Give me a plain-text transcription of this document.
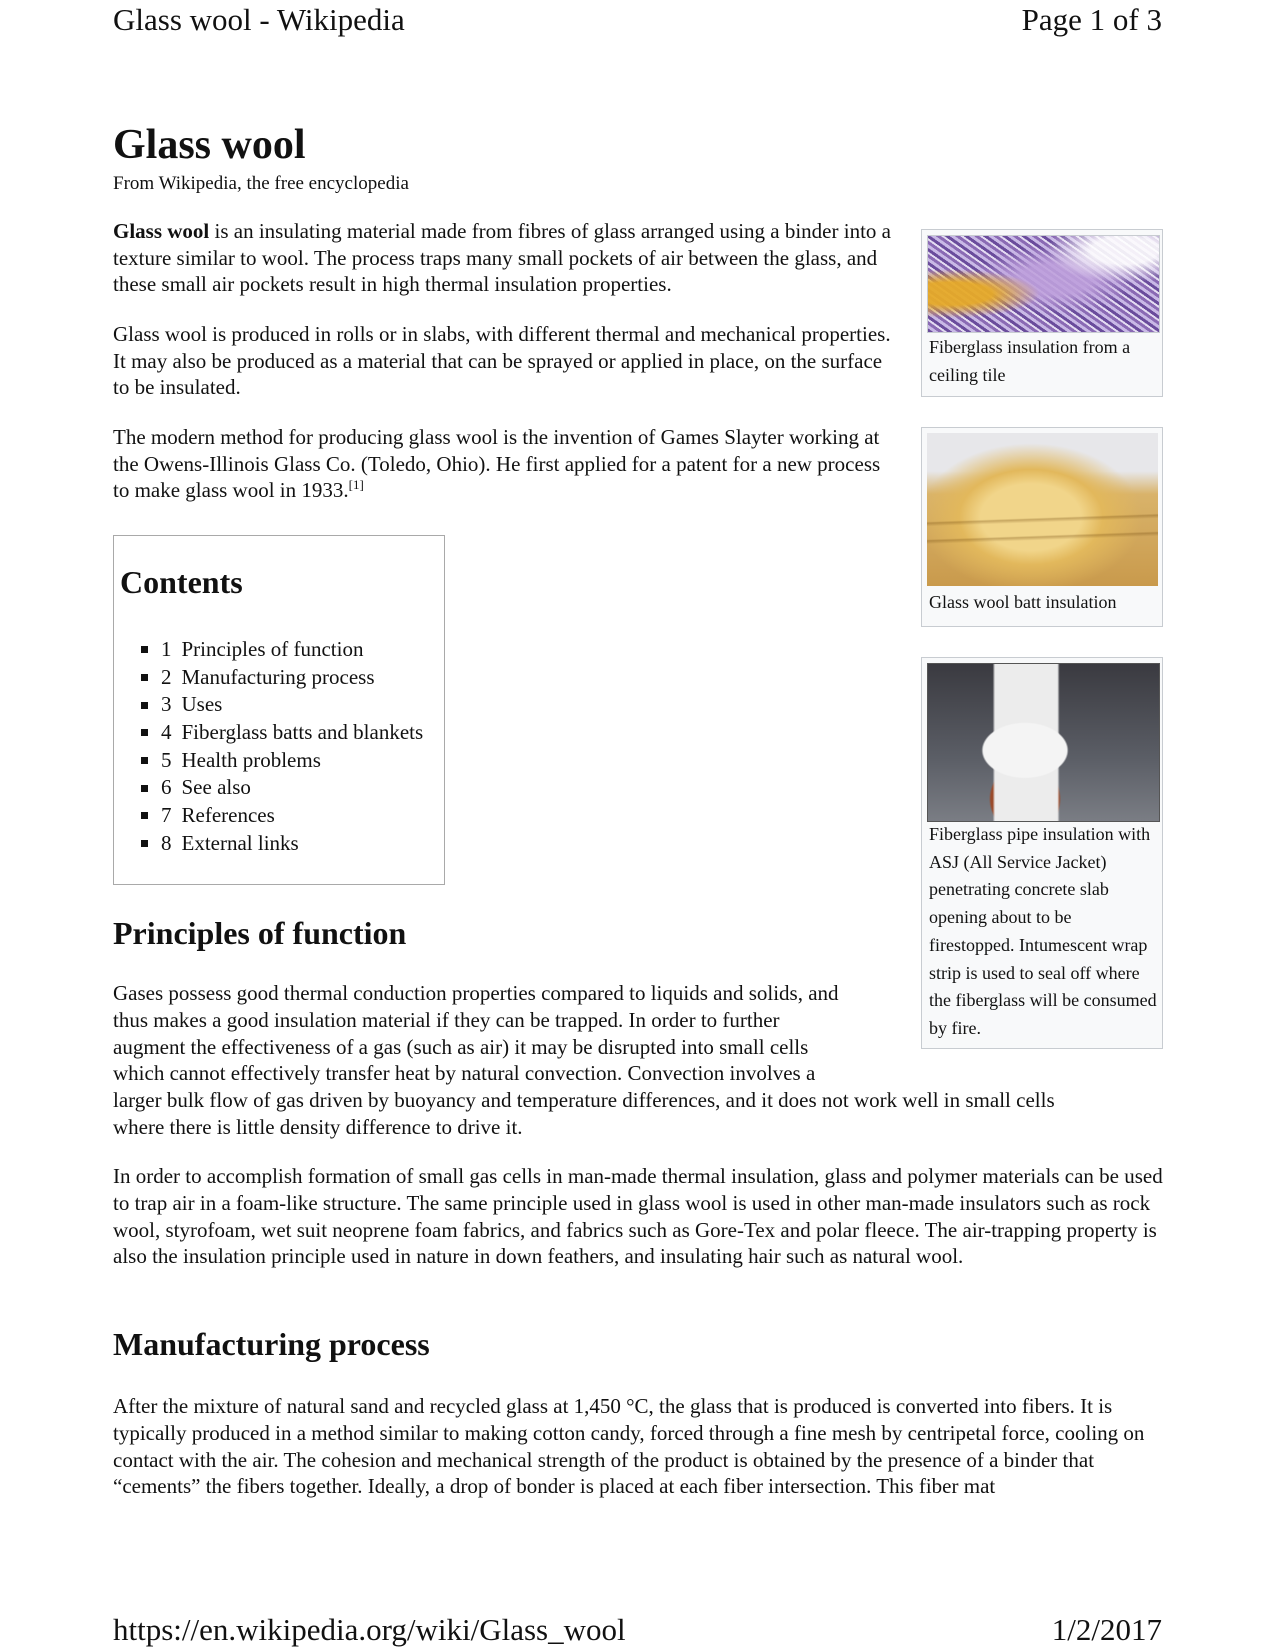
Glass wool - Wikipedia	Page 1 of 3
Glass wool
From Wikipedia, the free encyclopedia

Glass wool is an insulating material made from fibres of glass arranged using a binder into a texture similar to wool. The process traps many small pockets of air between the glass, and these small air pockets result in high thermal insulation properties.

Glass wool is produced in rolls or in slabs, with different thermal and mechanical properties. It may also be produced as a material that can be sprayed or applied in place, on the surface to be insulated.

The modern method for producing glass wool is the invention of Games Slayter working at the Owens-Illinois Glass Co. (Toledo, Ohio). He first applied for a patent for a new process to make glass wool in 1933.[1]

Contents
1 Principles of function
2 Manufacturing process
3 Uses
4 Fiberglass batts and blankets
5 Health problems
6 See also
7 References
8 External links
Fiberglass insulation from a ceiling tile
Glass wool batt insulation
Fiberglass pipe insulation with ASJ (All Service Jacket) penetrating concrete slab opening about to be firestopped. Intumescent wrap strip is used to seal off where the fiberglass will be consumed by fire.
Principles of function

Gases possess good thermal conduction properties compared to liquids and solids, and
thus makes a good insulation material if they can be trapped. In order to further
augment the effectiveness of a gas (such as air) it may be disrupted into small cells
which cannot effectively transfer heat by natural convection. Convection involves a
larger bulk flow of gas driven by buoyancy and temperature differences, and it does not work well in small cells
where there is little density difference to drive it.

In order to accomplish formation of small gas cells in man-made thermal insulation, glass and polymer materials can be used to trap air in a foam-like structure. The same principle used in glass wool is used in other man-made insulators such as rock wool, styrofoam, wet suit neoprene foam fabrics, and fabrics such as Gore-Tex and polar fleece. The air-trapping property is also the insulation principle used in nature in down feathers, and insulating hair such as natural wool.

Manufacturing process

After the mixture of natural sand and recycled glass at 1,450 °C, the glass that is produced is converted into fibers. It is typically produced in a method similar to making cotton candy, forced through a fine mesh by centripetal force, cooling on contact with the air. The cohesion and mechanical strength of the product is obtained by the presence of a binder that “cements” the fibers together. Ideally, a drop of bonder is placed at each fiber intersection. This fiber mat

https://en.wikipedia.org/wiki/Glass_wool	1/2/2017
